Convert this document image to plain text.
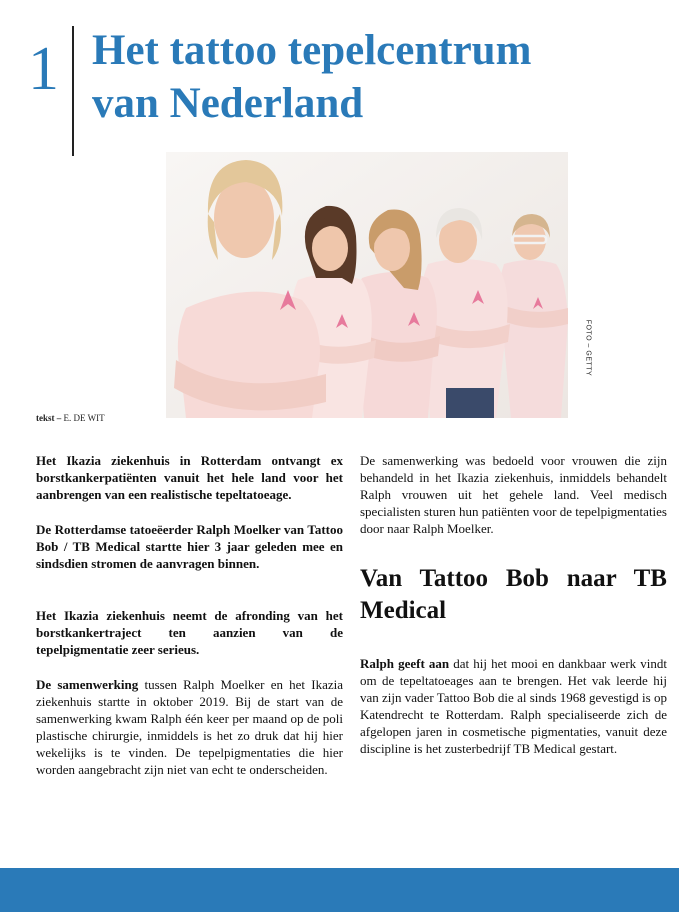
1 Het tattoo tepelcentrum
van Nederland
FOTO – GETTY
tekst – E. DE WIT

Het Ikazia ziekenhuis in Rotterdam ontvangt ex borstkankerpatiënten vanuit het hele land voor het aanbrengen van een realistische tepeltatoeage.

De Rotterdamse tatoeëerder Ralph Moelker van Tattoo Bob / TB Medical startte hier 3 jaar geleden mee en sindsdien stromen de aanvragen binnen.

Het Ikazia ziekenhuis neemt de afronding van het borstkankertraject ten aanzien van de tepelpigmentatie zeer serieus.

De samenwerking tussen Ralph Moelker en het Ikazia ziekenhuis startte in oktober 2019. Bij de start van de samenwerking kwam Ralph één keer per maand op de poli plastische chirurgie, inmiddels is het zo druk dat hij hier wekelijks is te vinden. De tepelpigmentaties die hier worden aangebracht zijn niet van echt te onderscheiden.

De samenwerking was bedoeld voor vrouwen die zijn behandeld in het Ikazia ziekenhuis, inmiddels behandelt Ralph vrouwen uit het gehele land. Veel medisch specialisten sturen hun patiënten voor de tepelpigmentaties door naar Ralph Moelker.

Van Tattoo Bob naar TB Medical

Ralph geeft aan dat hij het mooi en dankbaar werk vindt om de tepeltatoeages aan te brengen. Het vak leerde hij van zijn vader Tattoo Bob die al sinds 1968 gevestigd is op Katendrecht te Rotterdam. Ralph specialiseerde zich de afgelopen jaren in cosmetische pigmentaties, vanuit deze discipline is het zusterbedrijf TB Medical gestart.
